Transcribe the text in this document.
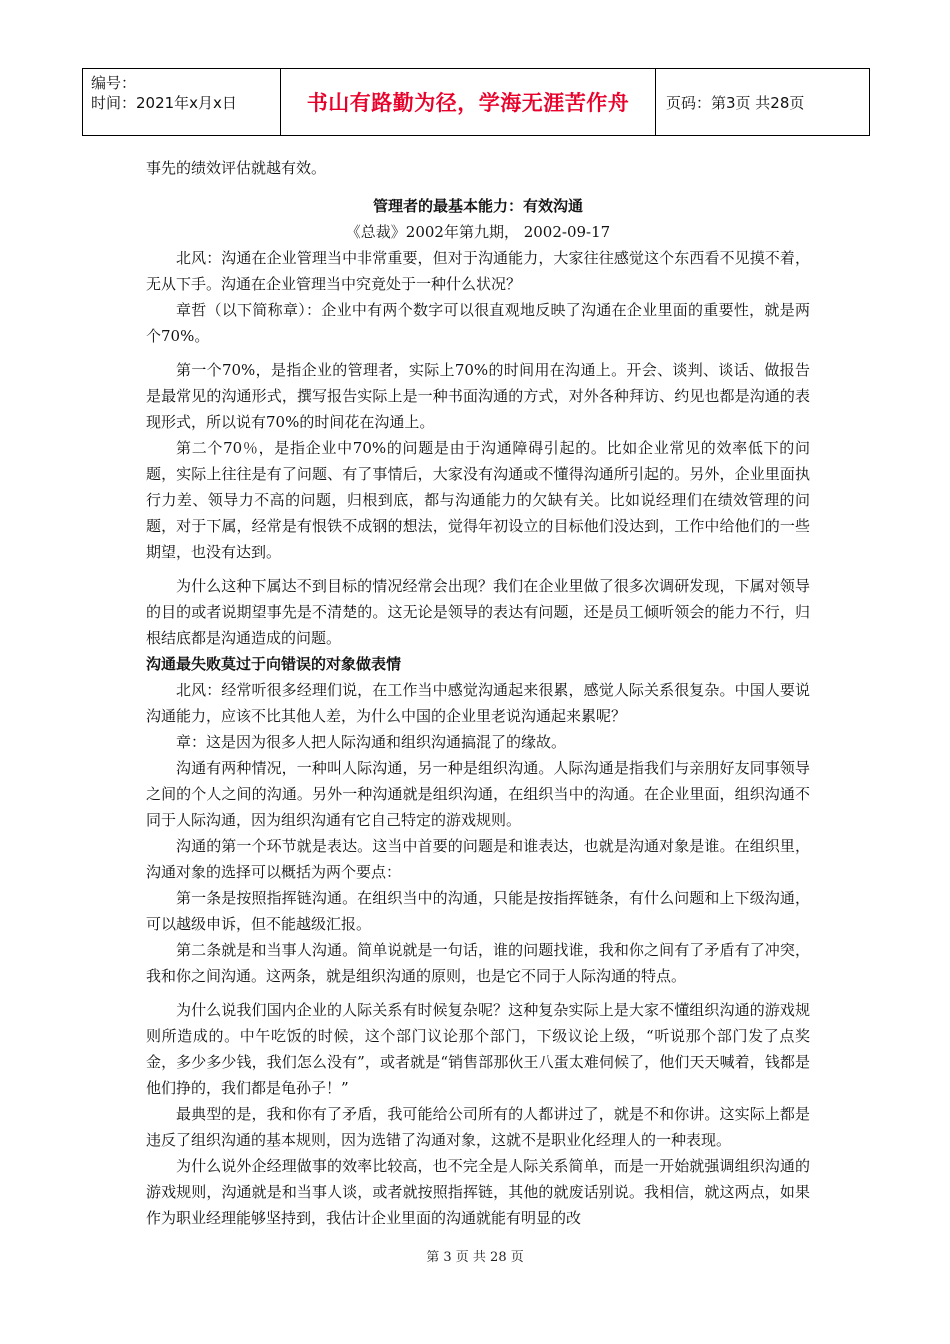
编号：
时间：2021年x月x日	书山有路勤为径，学海无涯苦作舟	页码：第3页 共28页

事先的绩效评估就越有效。

管理者的最基本能力：有效沟通

《总裁》2002年第九期， 2002-09-17

北风：沟通在企业管理当中非常重要，但对于沟通能力，大家往往感觉这个东西看不见摸不着，无从下手。沟通在企业管理当中究竟处于一种什么状况？

章哲（以下简称章）：企业中有两个数字可以很直观地反映了沟通在企业里面的重要性，就是两个70%。

第一个70%，是指企业的管理者，实际上70%的时间用在沟通上。开会、谈判、谈话、做报告是最常见的沟通形式，撰写报告实际上是一种书面沟通的方式，对外各种拜访、约见也都是沟通的表现形式，所以说有70%的时间花在沟通上。

第二个70％，是指企业中70%的问题是由于沟通障碍引起的。比如企业常见的效率低下的问题，实际上往往是有了问题、有了事情后，大家没有沟通或不懂得沟通所引起的。另外，企业里面执行力差、领导力不高的问题，归根到底，都与沟通能力的欠缺有关。比如说经理们在绩效管理的问题，对于下属，经常是有恨铁不成钢的想法，觉得年初设立的目标他们没达到，工作中给他们的一些期望，也没有达到。

为什么这种下属达不到目标的情况经常会出现？我们在企业里做了很多次调研发现，下属对领导的目的或者说期望事先是不清楚的。这无论是领导的表达有问题，还是员工倾听领会的能力不行，归根结底都是沟通造成的问题。

沟通最失败莫过于向错误的对象做表情

北风：经常听很多经理们说，在工作当中感觉沟通起来很累，感觉人际关系很复杂。中国人要说沟通能力，应该不比其他人差，为什么中国的企业里老说沟通起来累呢？

章：这是因为很多人把人际沟通和组织沟通搞混了的缘故。

沟通有两种情况，一种叫人际沟通，另一种是组织沟通。人际沟通是指我们与亲朋好友同事领导之间的个人之间的沟通。另外一种沟通就是组织沟通，在组织当中的沟通。在企业里面，组织沟通不同于人际沟通，因为组织沟通有它自己特定的游戏规则。

沟通的第一个环节就是表达。这当中首要的问题是和谁表达，也就是沟通对象是谁。在组织里，沟通对象的选择可以概括为两个要点：

第一条是按照指挥链沟通。在组织当中的沟通，只能是按指挥链条，有什么问题和上下级沟通，可以越级申诉，但不能越级汇报。

第二条就是和当事人沟通。简单说就是一句话，谁的问题找谁，我和你之间有了矛盾有了冲突，我和你之间沟通。这两条，就是组织沟通的原则，也是它不同于人际沟通的特点。

为什么说我们国内企业的人际关系有时候复杂呢？这种复杂实际上是大家不懂组织沟通的游戏规则所造成的。中午吃饭的时候，这个部门议论那个部门，下级议论上级，“听说那个部门发了点奖金，多少多少钱，我们怎么没有”，或者就是“销售部那伙王八蛋太难伺候了，他们天天喊着，钱都是他们挣的，我们都是龟孙子！”

最典型的是，我和你有了矛盾，我可能给公司所有的人都讲过了，就是不和你讲。这实际上都是违反了组织沟通的基本规则，因为选错了沟通对象，这就不是职业化经理人的一种表现。

为什么说外企经理做事的效率比较高，也不完全是人际关系简单，而是一开始就强调组织沟通的游戏规则，沟通就是和当事人谈，或者就按照指挥链，其他的就废话别说。我相信，就这两点，如果作为职业经理能够坚持到，我估计企业里面的沟通就能有明显的改

第 3 页 共 28 页
